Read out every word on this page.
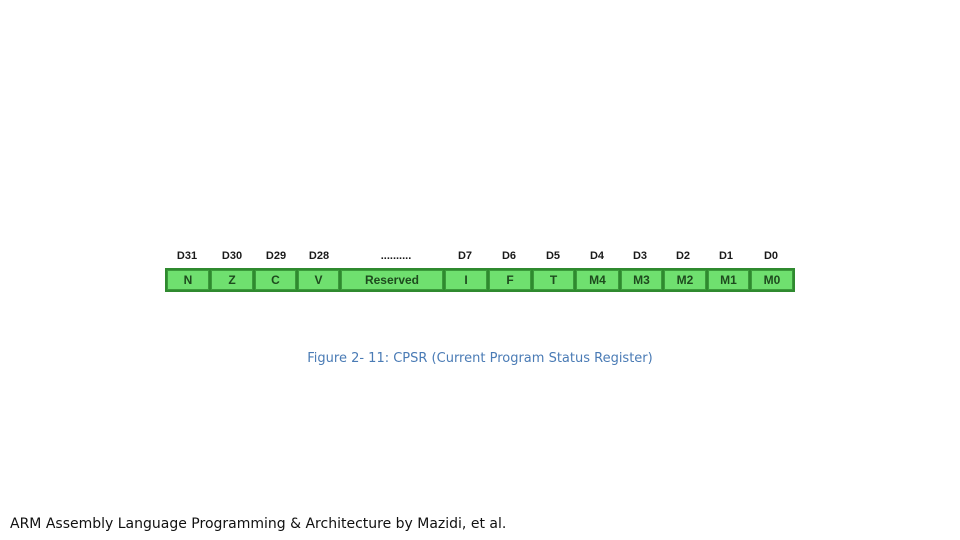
D31 D30 D29 D28	..........	D7	D6	D5	D4	D3	D2	D1	D0
N	Z	C	V	Reserved	I	F	T	M4	M3	M2	M1	M0
Figure 2- 11: CPSR (Current Program Status Register)
ARM Assembly Language Programming & Architecture by Mazidi, et al.
